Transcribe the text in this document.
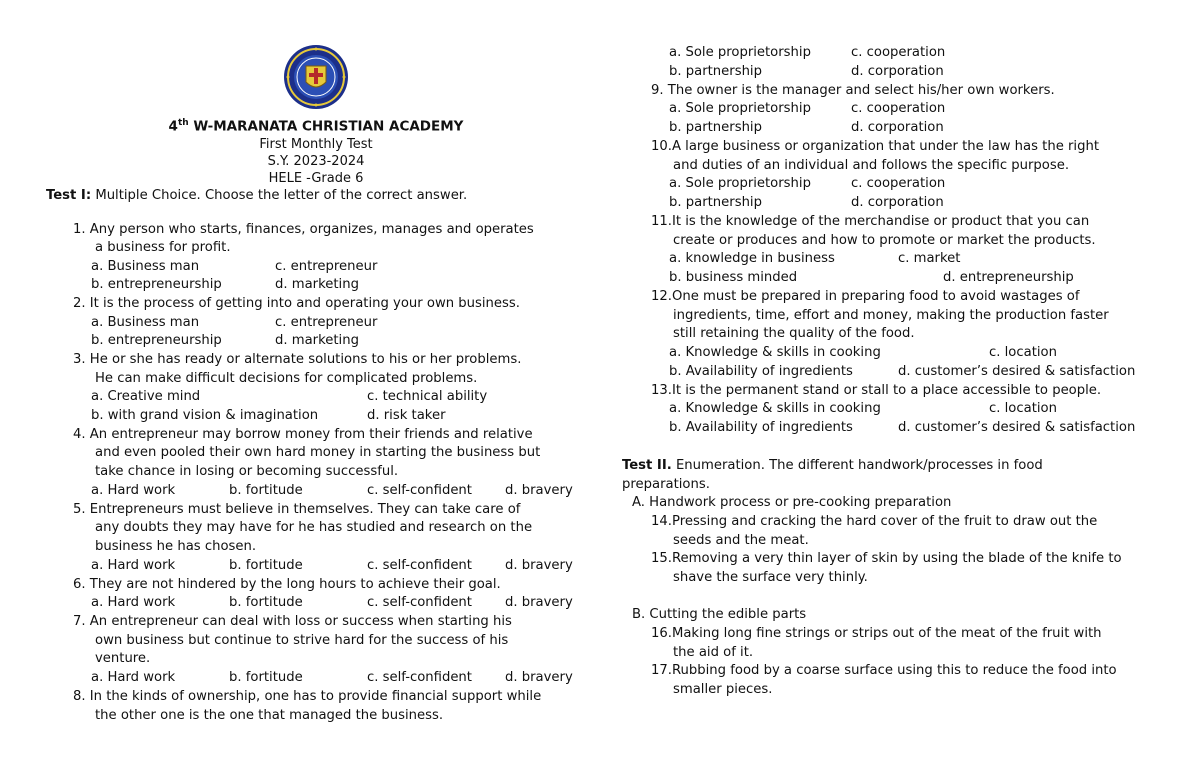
4th W-MARANATA CHRISTIAN ACADEMY
First Monthly Test
S.Y. 2023-2024
HELE -Grade 6
Test I: Multiple Choice. Choose the letter of the correct answer.
1. Any person who starts, finances, organizes, manages and operates
a business for profit.
a. Business man	c. entrepreneur
b. entrepreneurship	d. marketing
2. It is the process of getting into and operating your own business.
a. Business man	c. entrepreneur
b. entrepreneurship	d. marketing
3. He or she has ready or alternate solutions to his or her problems.
He can make difficult decisions for complicated problems.
a. Creative mind	c. technical ability
b. with grand vision & imagination	d. risk taker
4. An entrepreneur may borrow money from their friends and relative
and even pooled their own hard money in starting the business but
take chance in losing or becoming successful.
a. Hard work	b. fortitude	c. self-confident	d. bravery
5. Entrepreneurs must believe in themselves. They can take care of
any doubts they may have for he has studied and research on the
business he has chosen.
a. Hard work	b. fortitude	c. self-confident	d. bravery
6. They are not hindered by the long hours to achieve their goal.
a. Hard work	b. fortitude	c. self-confident	d. bravery
7. An entrepreneur can deal with loss or success when starting his
own business but continue to strive hard for the success of his
venture.
a. Hard work	b. fortitude	c. self-confident	d. bravery
8. In the kinds of ownership, one has to provide financial support while
the other one is the one that managed the business.
a. Sole proprietorship	c. cooperation
b. partnership	d. corporation
9. The owner is the manager and select his/her own workers.
a. Sole proprietorship	c. cooperation
b. partnership	d. corporation
10.A large business or organization that under the law has the right
and duties of an individual and follows the specific purpose.
a. Sole proprietorship	c. cooperation
b. partnership	d. corporation
11.It is the knowledge of the merchandise or product that you can
create or produces and how to promote or market the products.
a. knowledge in business	c. market
b. business minded	d. entrepreneurship
12.One must be prepared in preparing food to avoid wastages of
ingredients, time, effort and money, making the production faster
still retaining the quality of the food.
a. Knowledge & skills in cooking	c. location
b. Availability of ingredients	d. customer’s desired & satisfaction
13.It is the permanent stand or stall to a place accessible to people.
a. Knowledge & skills in cooking	c. location
b. Availability of ingredients	d. customer’s desired & satisfaction
Test II. Enumeration. The different handwork/processes in food
preparations.
A. Handwork process or pre-cooking preparation
14.Pressing and cracking the hard cover of the fruit to draw out the
seeds and the meat.
15.Removing a very thin layer of skin by using the blade of the knife to
shave the surface very thinly.
B. Cutting the edible parts
16.Making long fine strings or strips out of the meat of the fruit with
the aid of it.
17.Rubbing food by a coarse surface using this to reduce the food into
smaller pieces.
